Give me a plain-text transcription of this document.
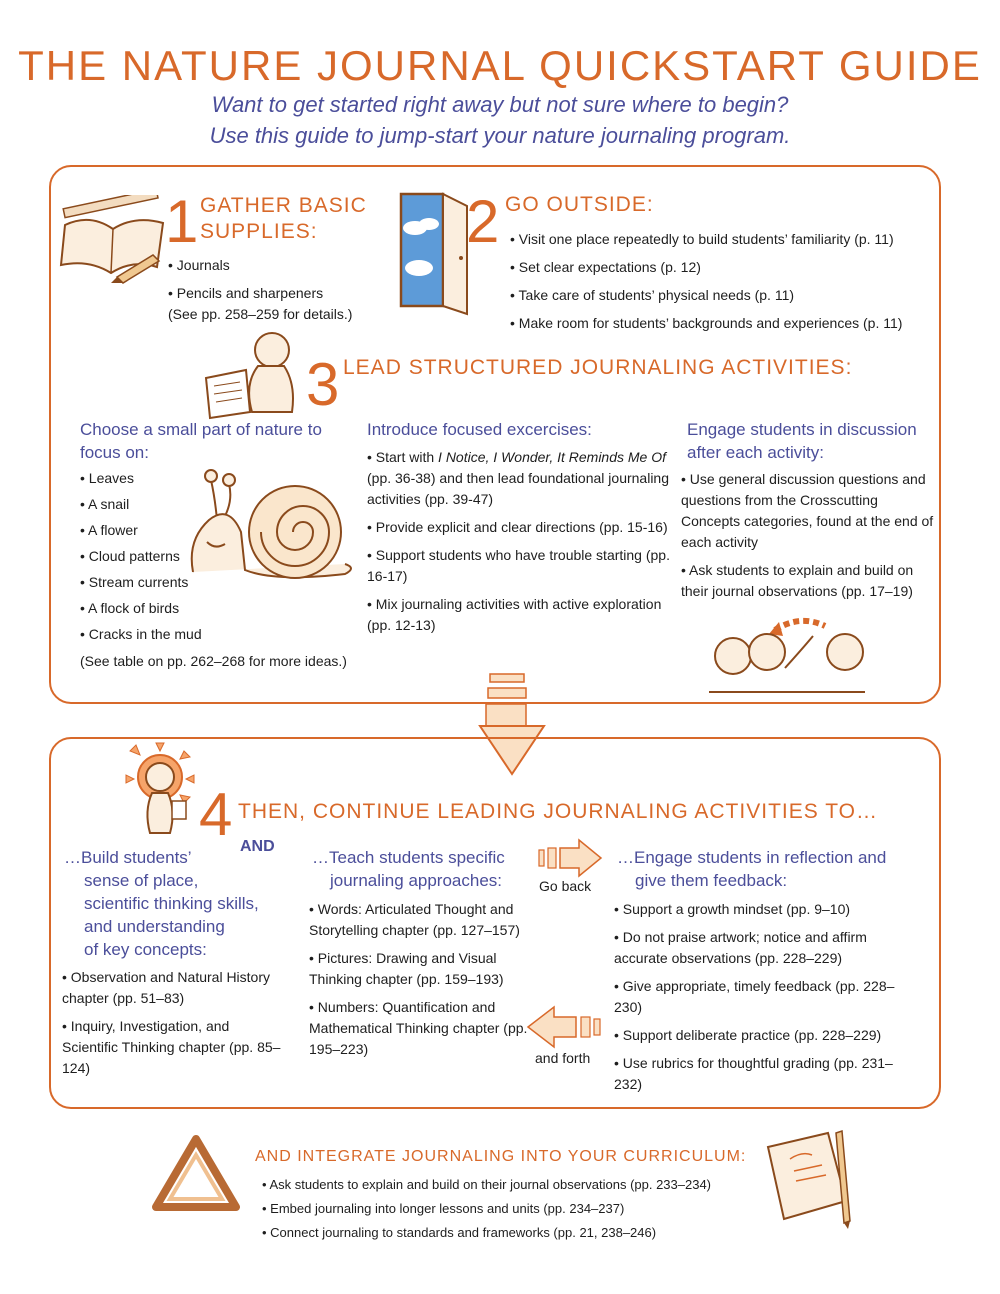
THE NATURE JOURNAL QUICKSTART GUIDE
Want to get started right away but not sure where to begin?
Use this guide to jump-start your nature journaling program.
1 GATHER BASIC
SUPPLIES:
• Journals
• Pencils and sharpeners
(See pp. 258–259 for details.)
2 GO OUTSIDE:
• Visit one place repeatedly to build students’ familiarity (p. 11)
• Set clear expectations (p. 12)
• Take care of students’ physical needs (p. 11)
• Make room for students’ backgrounds and experiences (p. 11)
3 LEAD STRUCTURED JOURNALING ACTIVITIES:
Choose a small part of nature to
focus on:
• Leaves
• A snail
• A flower
• Cloud patterns
• Stream currents
• A flock of birds
• Cracks in the mud
(See table on pp. 262–268 for more ideas.)
Introduce focused excercises:
• Start with I Notice, I Wonder, It Reminds Me Of (pp. 36-38) and then lead foundational journaling activities (pp. 39-47)
• Provide explicit and clear directions (pp. 15-16)
• Support students who have trouble starting (pp. 16-17)
• Mix journaling activities with active exploration (pp. 12-13)
Engage students in discussion
after each activity:
• Use general discussion questions and questions from the Crosscutting Concepts categories, found at the end of each activity
• Ask students to explain and build on their journal observations (pp. 17–19)
4 THEN, CONTINUE LEADING JOURNALING ACTIVITIES TO…
AND
…Build students’
sense of place,
scientific thinking skills,
and understanding
of key concepts:
• Observation and Natural History chapter (pp. 51–83)
• Inquiry, Investigation, and Scientific Thinking chapter (pp. 85–124)
…Teach students specific
journaling approaches:
• Words: Articulated Thought and Storytelling chapter (pp. 127–157)
• Pictures: Drawing and Visual Thinking chapter (pp. 159–193)
• Numbers: Quantification and Mathematical Thinking chapter (pp. 195–223)
Go back
and forth
…Engage students in reflection and
give them feedback:
• Support a growth mindset (pp. 9–10)
• Do not praise artwork; notice and affirm accurate observations (pp. 228–229)
• Give appropriate, timely feedback (pp. 228–230)
• Support deliberate practice (pp. 228–229)
• Use rubrics for thoughtful grading (pp. 231–232)
AND INTEGRATE JOURNALING INTO YOUR CURRICULUM:
• Ask students to explain and build on their journal observations (pp. 233–234)
• Embed journaling into longer lessons and units (pp. 234–237)
• Connect journaling to standards and frameworks (pp. 21, 238–246)
